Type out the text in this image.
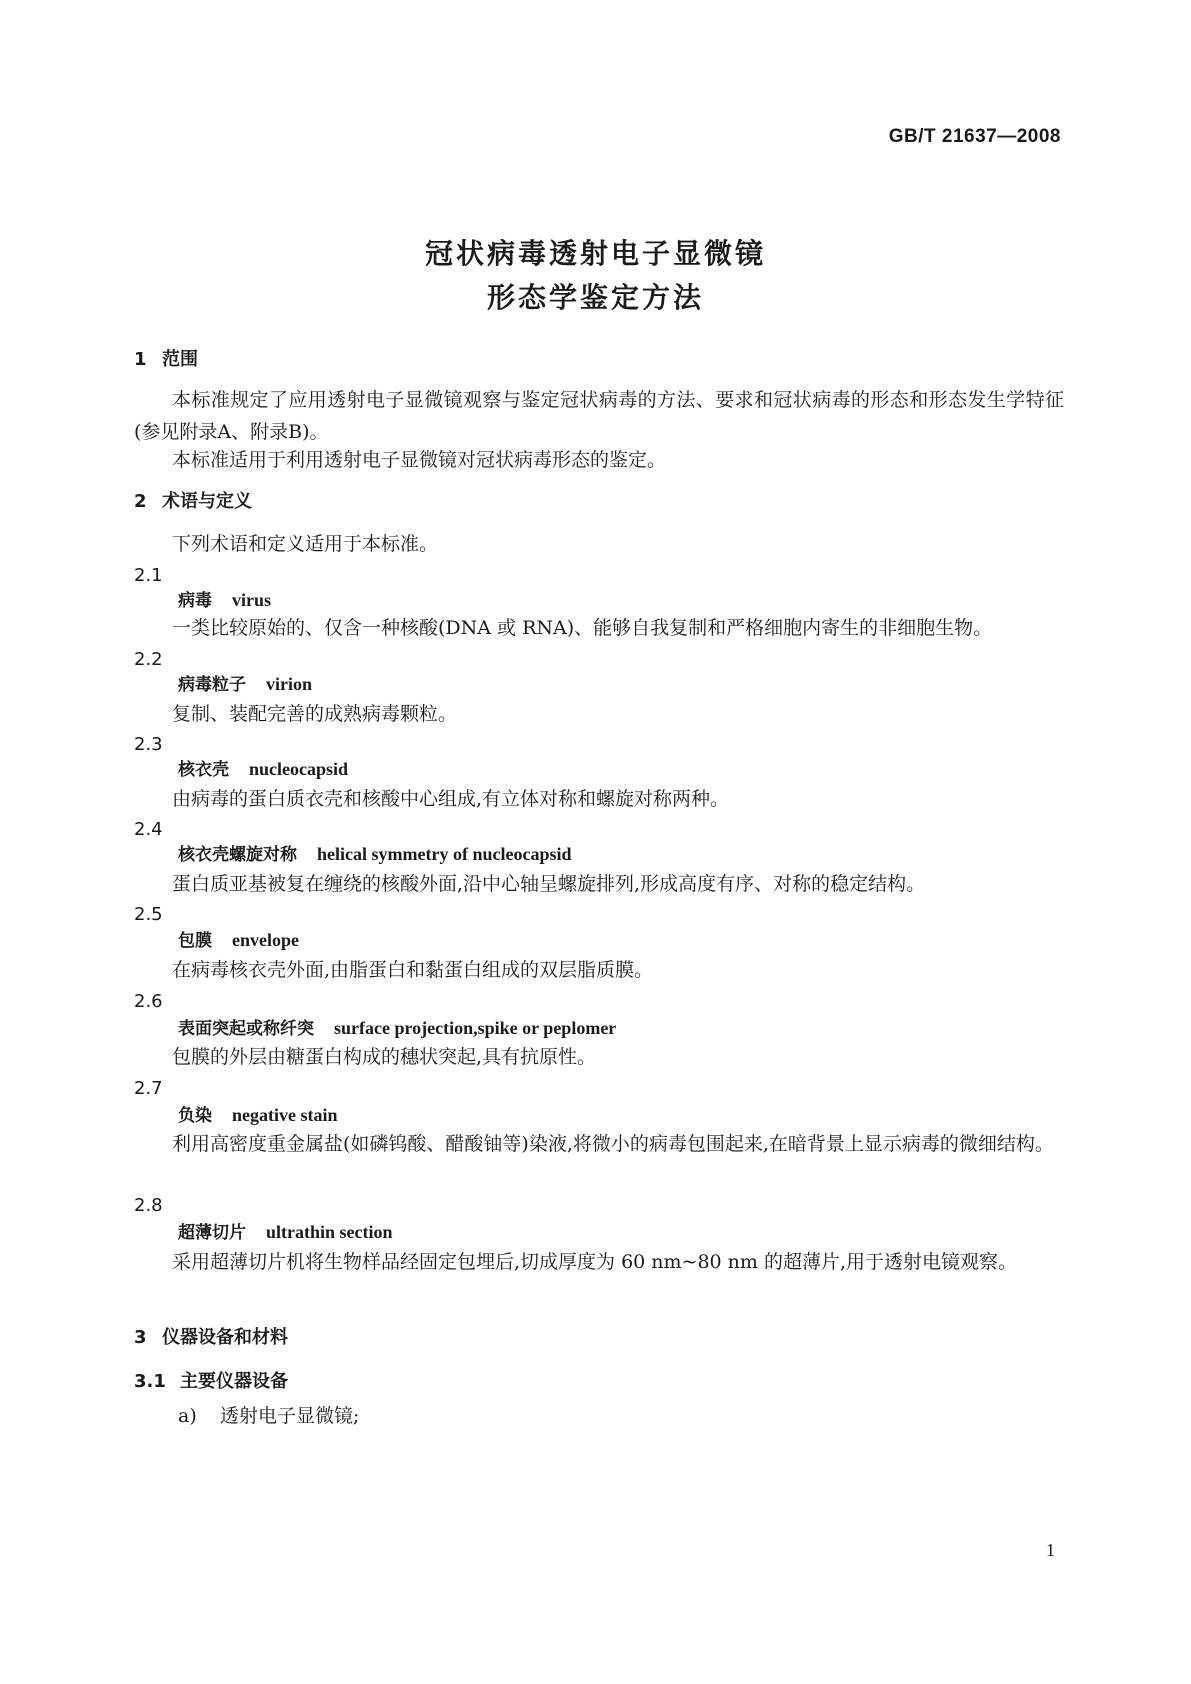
GB/T 21637—2008
冠状病毒透射电子显微镜
形态学鉴定方法
1 范围
本标准规定了应用透射电子显微镜观察与鉴定冠状病毒的方法、要求和冠状病毒的形态和形态发生学特征(参见附录A、附录B)。
本标准适用于利用透射电子显微镜对冠状病毒形态的鉴定。
2 术语与定义
下列术语和定义适用于本标准。
2.1
病毒 virus
一类比较原始的、仅含一种核酸(DNA 或 RNA)、能够自我复制和严格细胞内寄生的非细胞生物。
2.2
病毒粒子 virion
复制、装配完善的成熟病毒颗粒。
2.3
核衣壳 nucleocapsid
由病毒的蛋白质衣壳和核酸中心组成,有立体对称和螺旋对称两种。
2.4
核衣壳螺旋对称 helical symmetry of nucleocapsid
蛋白质亚基被复在缠绕的核酸外面,沿中心轴呈螺旋排列,形成高度有序、对称的稳定结构。
2.5
包膜 envelope
在病毒核衣壳外面,由脂蛋白和黏蛋白组成的双层脂质膜。
2.6
表面突起或称纤突 surface projection,spike or peplomer
包膜的外层由糖蛋白构成的穗状突起,具有抗原性。
2.7
负染 negative stain
利用高密度重金属盐(如磷钨酸、醋酸铀等)染液,将微小的病毒包围起来,在暗背景上显示病毒的微细结构。
2.8
超薄切片 ultrathin section
采用超薄切片机将生物样品经固定包埋后,切成厚度为 60 nm~80 nm 的超薄片,用于透射电镜观察。
3 仪器设备和材料
3.1 主要仪器设备
a) 透射电子显微镜;
1
